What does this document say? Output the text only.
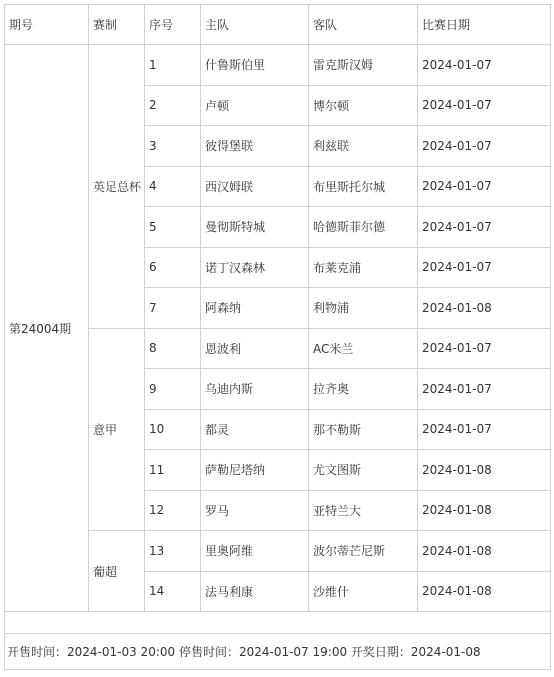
期号	赛制	序号	主队	客队	比赛日期
第24004期	英足总杯	1	什鲁斯伯里	雷克斯汉姆	2024-01-07
		2	卢顿	博尔顿	2024-01-07
		3	彼得堡联	利兹联	2024-01-07
		4	西汉姆联	布里斯托尔城	2024-01-07
		5	曼彻斯特城	哈德斯菲尔德	2024-01-07
		6	诺丁汉森林	布莱克浦	2024-01-07
		7	阿森纳	利物浦	2024-01-08
	意甲	8	恩波利	AC米兰	2024-01-07
		9	乌迪内斯	拉齐奥	2024-01-07
		10	都灵	那不勒斯	2024-01-07
		11	萨勒尼塔纳	尤文图斯	2024-01-08
		12	罗马	亚特兰大	2024-01-08
	葡超	13	里奥阿维	波尔蒂芒尼斯	2024-01-08
		14	法马利康	沙维什	2024-01-08

开售时间：2024-01-03 20:00 停售时间：2024-01-07 19:00 开奖日期：2024-01-08					
